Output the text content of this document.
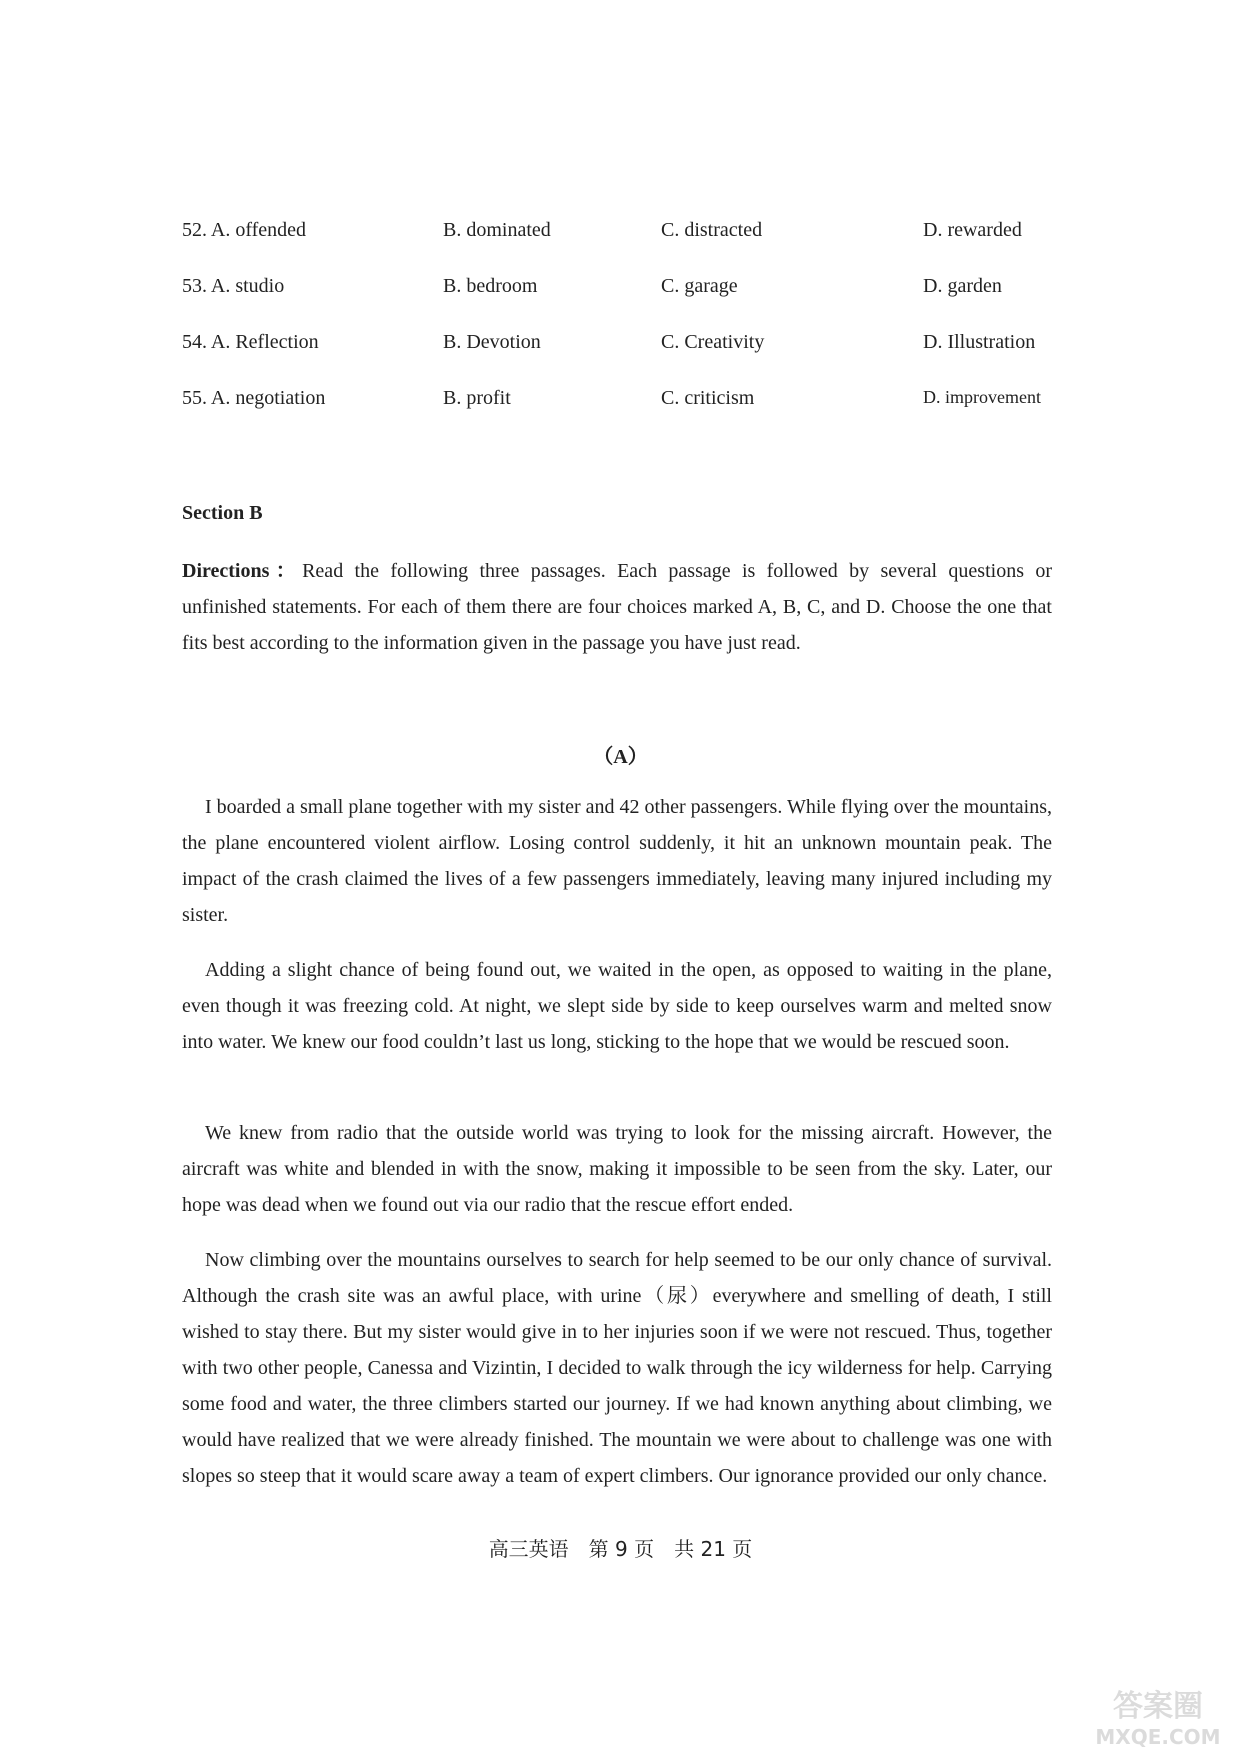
52. A. offended	B. dominated	C. distracted	D. rewarded
53. A. studio	B. bedroom	C. garage	D. garden
54. A. Reflection	B. Devotion	C. Creativity	D. Illustration
55. A. negotiation	B. profit	C. criticism	D. improvement
Section B
Directions：Read the following three passages. Each passage is followed by several questions or unfinished statements. For each of them there are four choices marked A, B, C, and D. Choose the one that fits best according to the information given in the passage you have just read.
（A）

I boarded a small plane together with my sister and 42 other passengers. While flying over the mountains, the plane encountered violent airflow. Losing control suddenly, it hit an unknown mountain peak. The impact of the crash claimed the lives of a few passengers immediately, leaving many injured including my sister.

Adding a slight chance of being found out, we waited in the open, as opposed to waiting in the plane, even though it was freezing cold. At night, we slept side by side to keep ourselves warm and melted snow into water. We knew our food couldn’t last us long, sticking to the hope that we would be rescued soon.

We knew from radio that the outside world was trying to look for the missing aircraft. However, the aircraft was white and blended in with the snow, making it impossible to be seen from the sky. Later, our hope was dead when we found out via our radio that the rescue effort ended.

Now climbing over the mountains ourselves to search for help seemed to be our only chance of survival. Although the crash site was an awful place, with urine（尿）everywhere and smelling of death, I still wished to stay there. But my sister would give in to her injuries soon if we were not rescued. Thus, together with two other people, Canessa and Vizintin, I decided to walk through the icy wilderness for help. Carrying some food and water, the three climbers started our journey. If we had known anything about climbing, we would have realized that we were already finished. The mountain we were about to challenge was one with slopes so steep that it would scare away a team of expert climbers. Our ignorance provided our only chance.

高三英语　第 9 页　共 21 页
答案圈
MXQE.COM
